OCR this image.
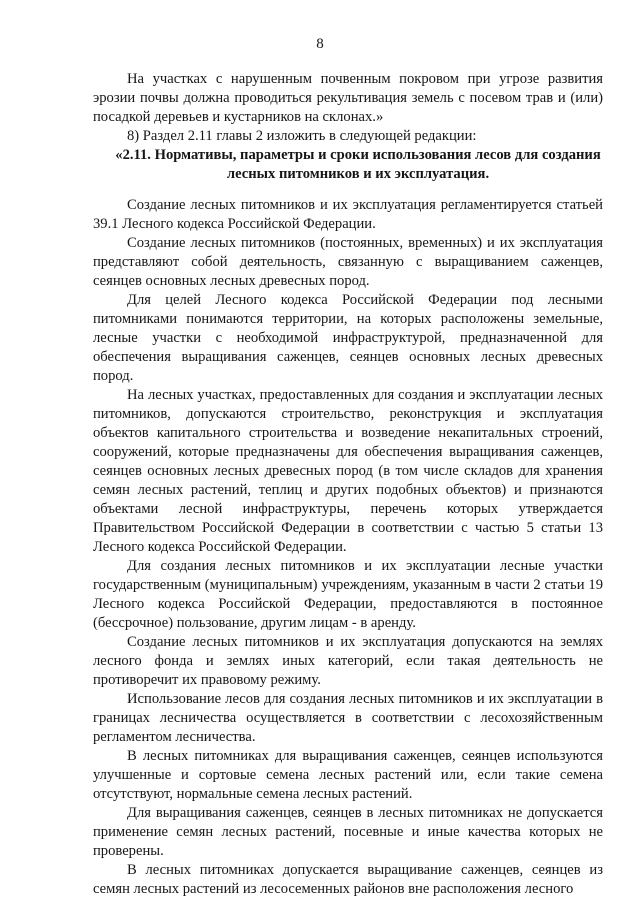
8

На участках с нарушенным почвенным покровом при угрозе развития эрозии почвы должна проводиться рекультивация земель с посевом трав и (или) посадкой деревьев и кустарников на склонах.»

8) Раздел 2.11 главы 2 изложить в следующей редакции:

«2.11. Нормативы, параметры и сроки использования лесов для создания лесных питомников и их эксплуатация.

Создание лесных питомников и их эксплуатация регламентируется статьей 39.1 Лесного кодекса Российской Федерации.

Создание лесных питомников (постоянных, временных) и их эксплуатация представляют собой деятельность, связанную с выращиванием саженцев, сеянцев основных лесных древесных пород.

Для целей Лесного кодекса Российской Федерации под лесными питомниками понимаются территории, на которых расположены земельные, лесные участки с необходимой инфраструктурой, предназначенной для обеспечения выращивания саженцев, сеянцев основных лесных древесных пород.

На лесных участках, предоставленных для создания и эксплуатации лесных питомников, допускаются строительство, реконструкция и эксплуатация объектов капитального строительства и возведение некапитальных строений, сооружений, которые предназначены для обеспечения выращивания саженцев, сеянцев основных лесных древесных пород (в том числе складов для хранения семян лесных растений, теплиц и других подобных объектов) и признаются объектами лесной инфраструктуры, перечень которых утверждается Правительством Российской Федерации в соответствии с частью 5 статьи 13 Лесного кодекса Российской Федерации.

Для создания лесных питомников и их эксплуатации лесные участки государственным (муниципальным) учреждениям, указанным в части 2 статьи 19 Лесного кодекса Российской Федерации, предоставляются в постоянное (бессрочное) пользование, другим лицам - в аренду.

Создание лесных питомников и их эксплуатация допускаются на землях лесного фонда и землях иных категорий, если такая деятельность не противоречит их правовому режиму.

Использование лесов для создания лесных питомников и их эксплуатации в границах лесничества осуществляется в соответствии с лесохозяйственным регламентом лесничества.

В лесных питомниках для выращивания саженцев, сеянцев используются улучшенные и сортовые семена лесных растений или, если такие семена отсутствуют, нормальные семена лесных растений.

Для выращивания саженцев, сеянцев в лесных питомниках не допускается применение семян лесных растений, посевные и иные качества которых не проверены.

В лесных питомниках допускается выращивание саженцев, сеянцев из семян лесных растений из лесосеменных районов вне расположения лесного
